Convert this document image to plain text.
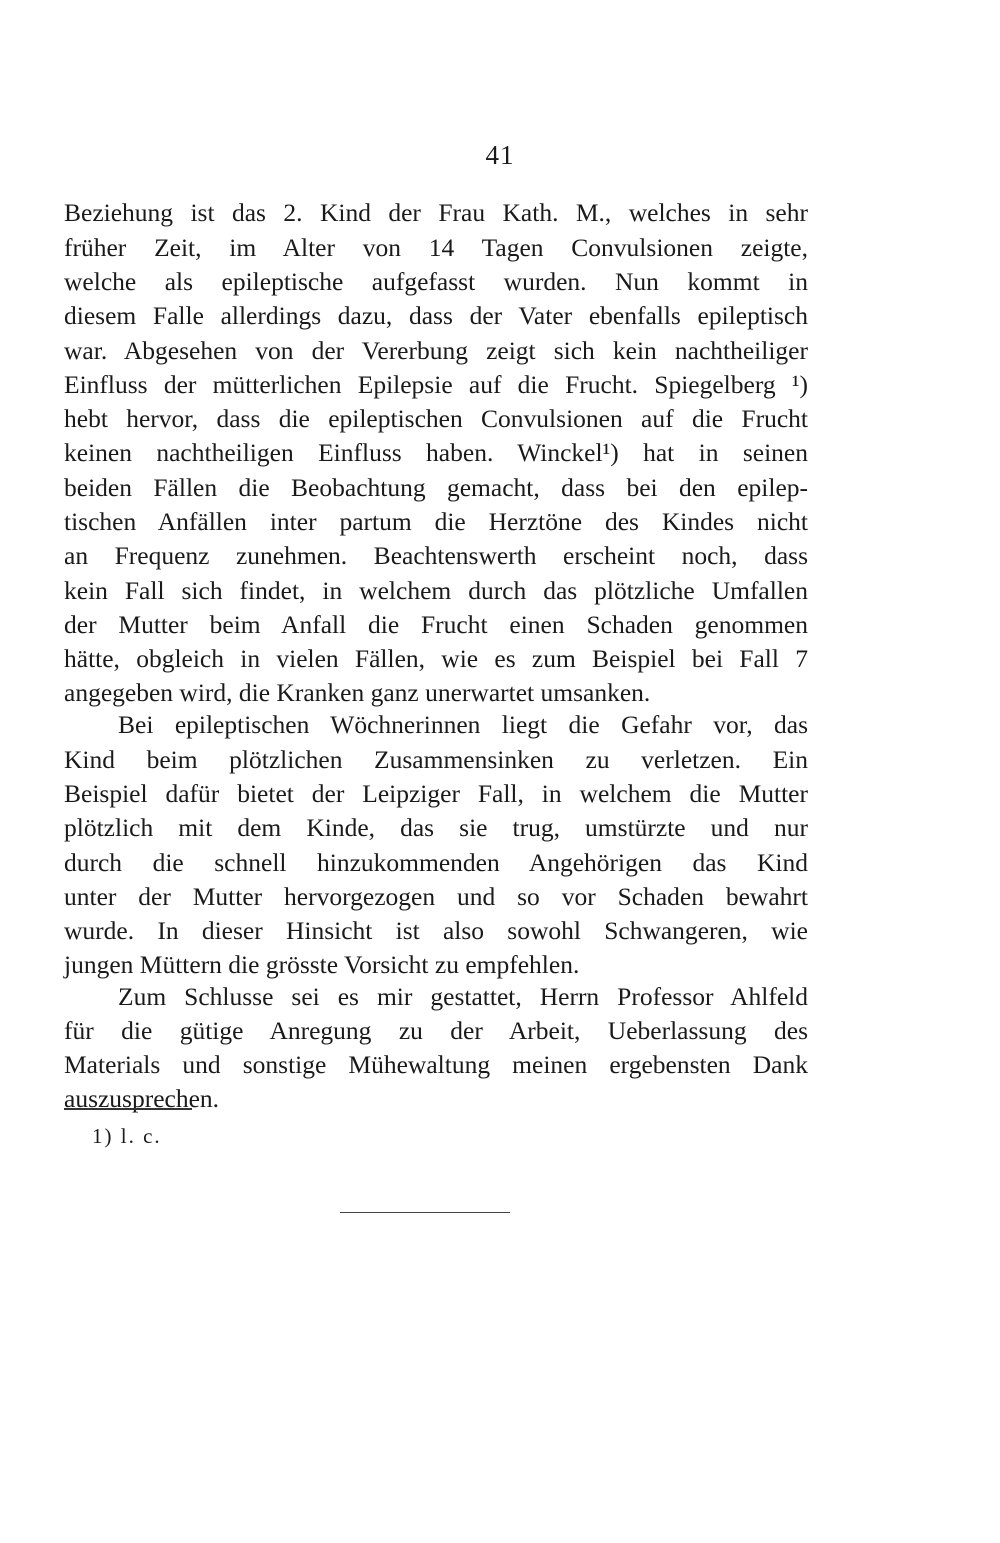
41
Beziehung ist das 2. Kind der Frau Kath. M., welches in sehr
früher Zeit, im Alter von 14 Tagen Convulsionen zeigte,
welche als epileptische aufgefasst wurden. Nun kommt in
diesem Falle allerdings dazu, dass der Vater ebenfalls epileptisch
war. Abgesehen von der Vererbung zeigt sich kein nachtheiliger
Einfluss der mütterlichen Epilepsie auf die Frucht. Spiegelberg ¹)
hebt hervor, dass die epileptischen Convulsionen auf die Frucht
keinen nachtheiligen Einfluss haben. Winckel¹) hat in seinen
beiden Fällen die Beobachtung gemacht, dass bei den epilep-
tischen Anfällen inter partum die Herztöne des Kindes nicht
an Frequenz zunehmen. Beachtenswerth erscheint noch, dass
kein Fall sich findet, in welchem durch das plötzliche Umfallen
der Mutter beim Anfall die Frucht einen Schaden genommen
hätte, obgleich in vielen Fällen, wie es zum Beispiel bei Fall 7
angegeben wird, die Kranken ganz unerwartet umsanken.
Bei epileptischen Wöchnerinnen liegt die Gefahr vor, das
Kind beim plötzlichen Zusammensinken zu verletzen. Ein
Beispiel dafür bietet der Leipziger Fall, in welchem die Mutter
plötzlich mit dem Kinde, das sie trug, umstürzte und nur
durch die schnell hinzukommenden Angehörigen das Kind
unter der Mutter hervorgezogen und so vor Schaden bewahrt
wurde. In dieser Hinsicht ist also sowohl Schwangeren, wie
jungen Müttern die grösste Vorsicht zu empfehlen.
Zum Schlusse sei es mir gestattet, Herrn Professor Ahlfeld
für die gütige Anregung zu der Arbeit, Ueberlassung des
Materials und sonstige Mühewaltung meinen ergebensten Dank
auszusprechen.
1) l. c.
